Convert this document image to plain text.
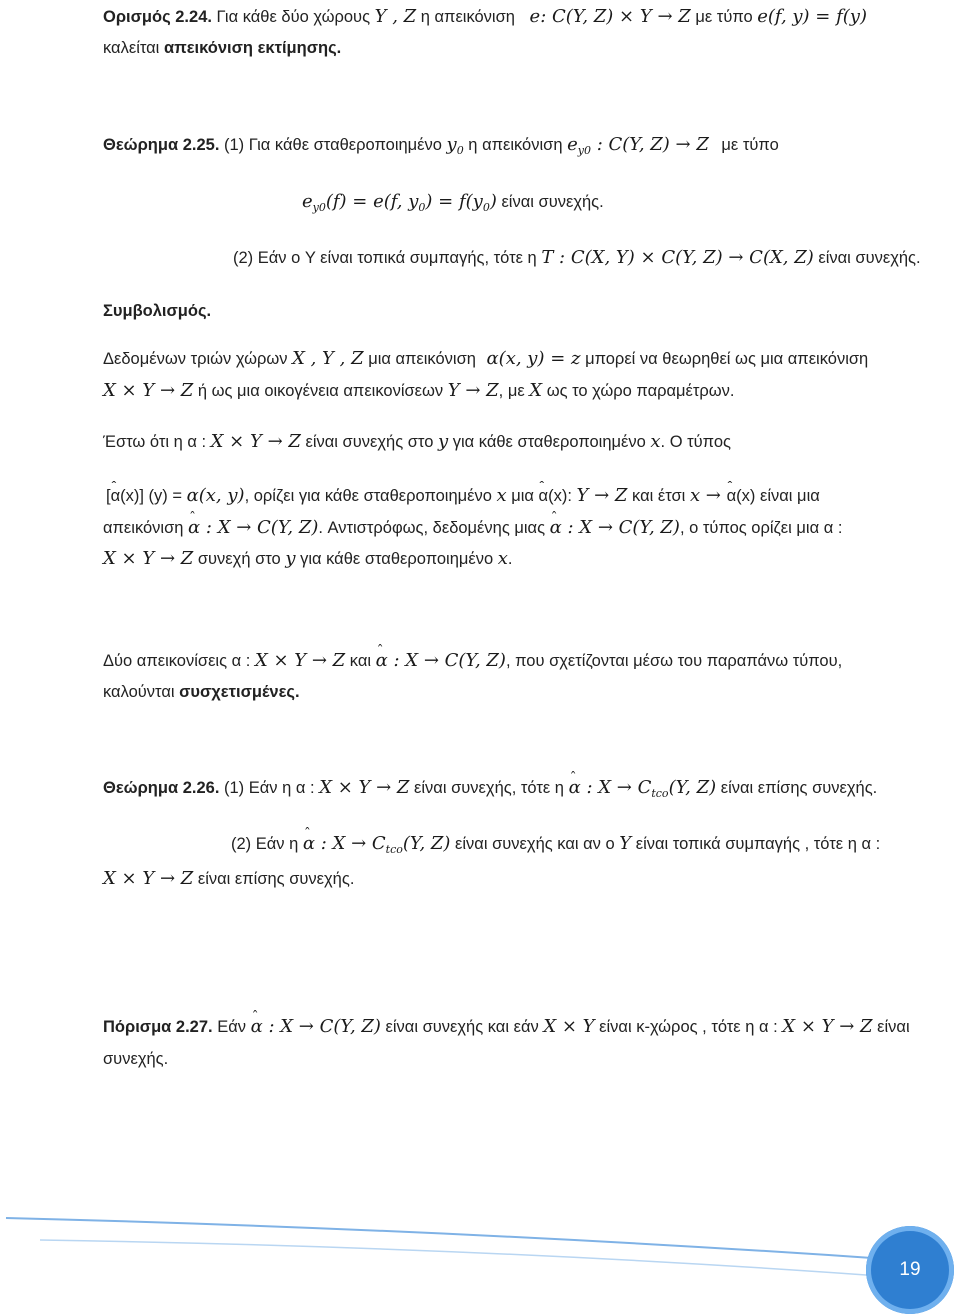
Ορισμός 2.24. Για κάθε δύο χώρους Y , Z η απεικόνιση e: C(Y, Z) × Y → Z με τύπο e(f, y) = f(y)
καλείται απεικόνιση εκτίμησης.
Θεώρημα 2.25. (1) Για κάθε σταθεροποιημένο $y_0$ η απεικόνιση $e_{y0}$ : C(Y, Z) → Z με τύπο
$e_{y0}(f) = e(f$, $y_0) = f(y_0)$ είναι συνεχής.
(2) Εάν ο Y είναι τοπικά συμπαγής, τότε η T : C(X, Y) × C(Y, Z) → C(X, Z) είναι συνεχής.
Συμβολισμός.
Δεδομένων τριών χώρων X , Y , Z μια απεικόνιση α(x, y) = z μπορεί να θεωρηθεί ως μια απεικόνιση
X × Y → Z ή ως μια οικογένεια απεικονίσεων Y → Z, με X ως το χώρο παραμέτρων.
Έστω ότι η α : X × Y → Z είναι συνεχής στο y για κάθε σταθεροποιημένο x. Ο τύπος
[ˆ α(x)] (y) = α(x, y), ορίζει για κάθε σταθεροποιημένο x μια ˆ α(x): Y → Z και έτσι x → ˆ α(x) είναι μια
απεικόνιση ˆ α : X → C(Y, Z). Αντιστρόφως, δεδομένης μιας ˆ α : X → C(Y, Z), ο τύπος ορίζει μια α :
X × Y → Z συνεχή στο y για κάθε σταθεροποιημένο x.
Δύο απεικονίσεις α : X × Y → Z και ˆ α : X → C(Y, Z), που σχετίζονται μέσω του παραπάνω τύπου,
καλούνται συσχετισμένες.
Θεώρημα 2.26. (1) Εάν η α : X × Y → Z είναι συνεχής, τότε η ˆ α : $X \to C_{tco}(Y$, Z) είναι επίσης συνεχής.
(2) Εάν η ˆ α : $X \to C_{tco}(Y$, Z) είναι συνεχής και αν ο Y είναι τοπικά συμπαγής , τότε η α :
X × Y → Z είναι επίσης συνεχής.
Πόρισμα 2.27. Εάν ˆ α : X → C(Y, Z) είναι συνεχής και εάν X × Y είναι κ-χώρος , τότε η α : X × Y → Z είναι
συνεχής.
19
